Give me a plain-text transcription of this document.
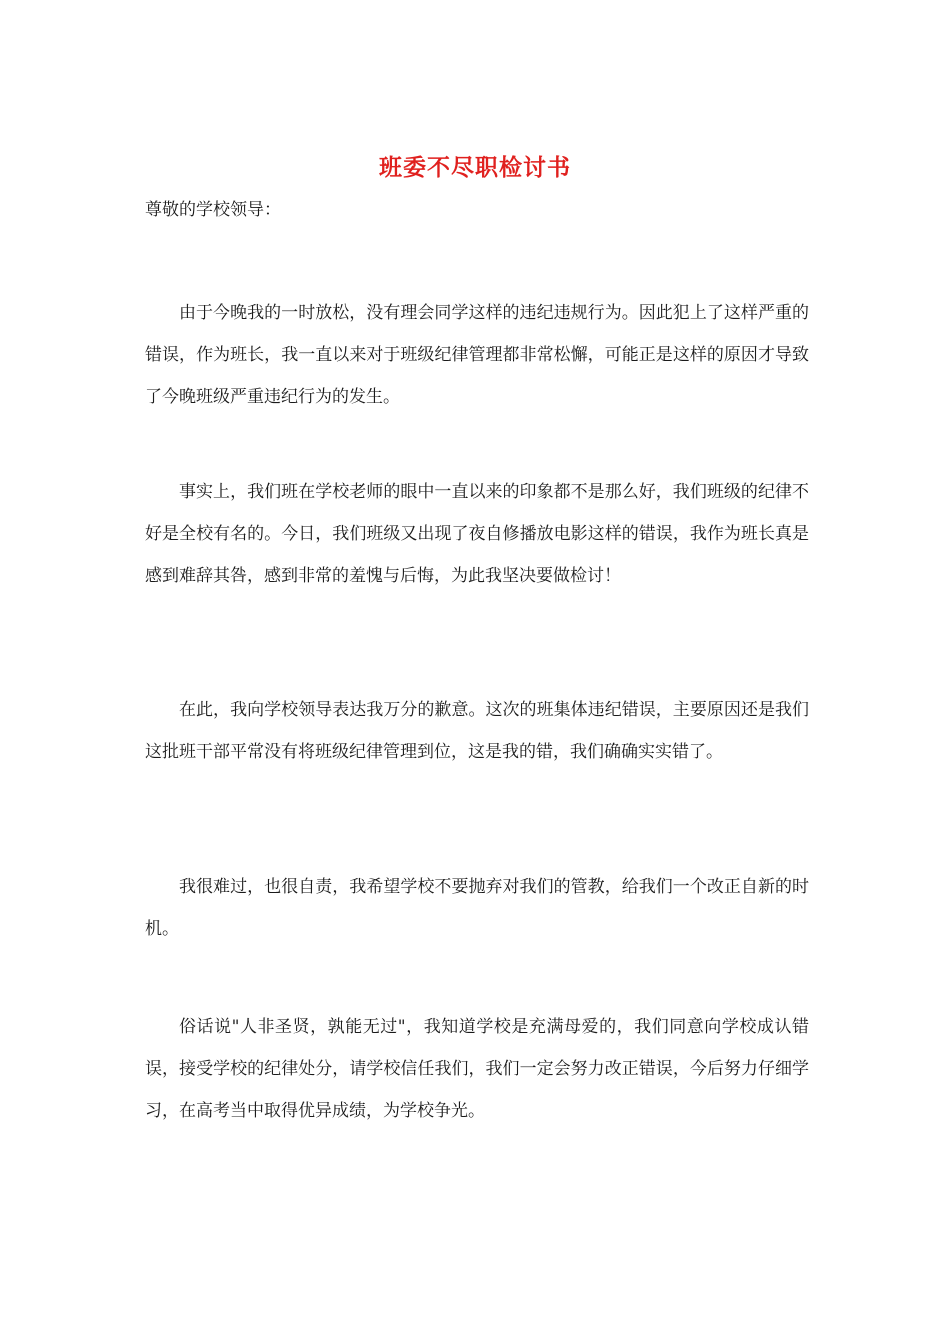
班委不尽职检讨书
尊敬的学校领导：

由于今晚我的一时放松，没有理会同学这样的违纪违规行为。因此犯上了这样严重的错误，作为班长，我一直以来对于班级纪律管理都非常松懈，可能正是这样的原因才导致了今晚班级严重违纪行为的发生。

事实上，我们班在学校老师的眼中一直以来的印象都不是那么好，我们班级的纪律不好是全校有名的。今日，我们班级又出现了夜自修播放电影这样的错误，我作为班长真是感到难辞其咎，感到非常的羞愧与后悔，为此我坚决要做检讨！

在此，我向学校领导表达我万分的歉意。这次的班集体违纪错误，主要原因还是我们这批班干部平常没有将班级纪律管理到位，这是我的错，我们确确实实错了。

我很难过，也很自责，我希望学校不要抛弃对我们的管教，给我们一个改正自新的时机。

俗话说"人非圣贤，孰能无过"，我知道学校是充满母爱的，我们同意向学校成认错误，接受学校的纪律处分，请学校信任我们，我们一定会努力改正错误，今后努力仔细学习，在高考当中取得优异成绩，为学校争光。
